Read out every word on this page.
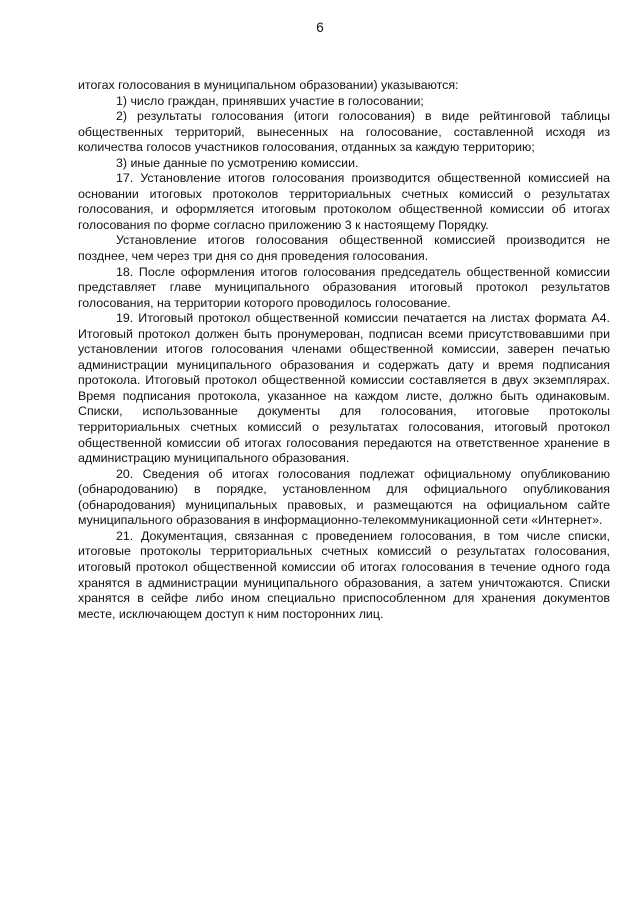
6

итогах голосования в муниципальном образовании) указываются:

1) число граждан, принявших участие в голосовании;

2) результаты голосования (итоги голосования) в виде рейтинговой таблицы общественных территорий, вынесенных на голосование, составленной исходя из количества голосов участников голосования, отданных за каждую территорию;

3) иные данные по усмотрению комиссии.

17. Установление итогов голосования производится общественной комиссией на основании итоговых протоколов территориальных счетных комиссий о результатах голосования, и оформляется итоговым протоколом общественной комиссии об итогах голосования по форме согласно приложению 3 к настоящему Порядку.

Установление итогов голосования общественной комиссией производится не позднее, чем через три дня со дня проведения голосования.

18. После оформления итогов голосования председатель общественной комиссии представляет главе муниципального образования итоговый протокол результатов голосования, на территории которого проводилось голосование.

19. Итоговый протокол общественной комиссии печатается на листах формата А4. Итоговый протокол должен быть пронумерован, подписан всеми присутствовавшими при установлении итогов голосования членами общественной комиссии, заверен печатью администрации муниципального образования и содержать дату и время подписания протокола. Итоговый протокол общественной комиссии составляется в двух экземплярах. Время подписания протокола, указанное на каждом листе, должно быть одинаковым. Списки, использованные документы для голосования, итоговые протоколы территориальных счетных комиссий о результатах голосования, итоговый протокол общественной комиссии об итогах голосования передаются на ответственное хранение в администрацию муниципального образования.

20. Сведения об итогах голосования подлежат официальному опубликованию (обнародованию) в порядке, установленном для официального опубликования (обнародования) муниципальных правовых, и размещаются на официальном сайте муниципального образования в информационно-телекоммуникационной сети «Интернет».

21. Документация, связанная с проведением голосования, в том числе списки, итоговые протоколы территориальных счетных комиссий о результатах голосования, итоговый протокол общественной комиссии об итогах голосования в течение одного года хранятся в администрации муниципального образования, а затем уничтожаются. Списки хранятся в сейфе либо ином специально приспособленном для хранения документов месте, исключающем доступ к ним посторонних лиц.
